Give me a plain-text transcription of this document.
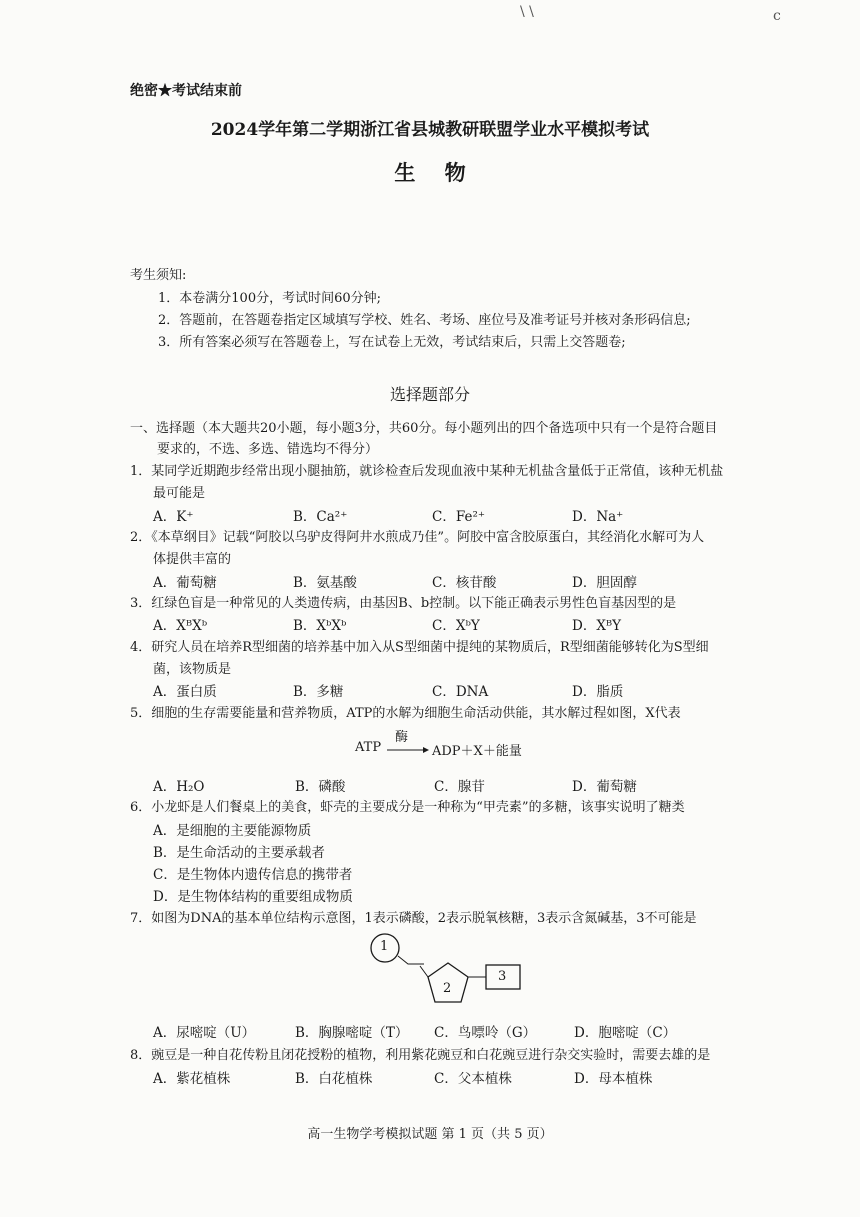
\ \	c
绝密★考试结束前
2024学年第二学期浙江省县城教研联盟学业水平模拟考试
生    物
考生须知:
1．本卷满分100分，考试时间60分钟;
2．答题前，在答题卷指定区域填写学校、姓名、考场、座位号及准考证号并核对条形码信息;
3．所有答案必须写在答题卷上，写在试卷上无效，考试结束后，只需上交答题卷;
选择题部分
一、选择题（本大题共20小题，每小题3分，共60分。每小题列出的四个备选项中只有一个是符合题目
要求的，不选、多选、错选均不得分）
1．某同学近期跑步经常出现小腿抽筋，就诊检查后发现血液中某种无机盐含量低于正常值，该种无机盐
最可能是
A．K⁺	B．Ca²⁺	C．Fe²⁺	D．Na⁺
2．《本草纲目》记载“阿胶以乌驴皮得阿井水煎成乃佳”。阿胶中富含胶原蛋白，其经消化水解可为人
体提供丰富的
A．葡萄糖	B．氨基酸	C．核苷酸	D．胆固醇
3．红绿色盲是一种常见的人类遗传病，由基因B、b控制。以下能正确表示男性色盲基因型的是
A．XᴮXᵇ	B．XᵇXᵇ	C．XᵇY	D．XᴮY
4．研究人员在培养R型细菌的培养基中加入从S型细菌中提纯的某物质后，R型细菌能够转化为S型细
菌，该物质是
A．蛋白质	B．多糖	C．DNA	D．脂质
5．细胞的生存需要能量和营养物质，ATP的水解为细胞生命活动供能，其水解过程如图，X代表
ATP
酶
→ ADP＋X＋能量
A．H₂O	B．磷酸	C．腺苷	D．葡萄糖
6．小龙虾是人们餐桌上的美食，虾壳的主要成分是一种称为“甲壳素”的多糖，该事实说明了糖类
A．是细胞的主要能源物质
B．是生命活动的主要承载者
C．是生物体内遗传信息的携带者
D．是生物体结构的重要组成物质
7．如图为DNA的基本单位结构示意图，1表示磷酸，2表示脱氧核糖，3表示含氮碱基，3不可能是
1
2
3
A．尿嘧啶（U）	B．胸腺嘧啶（T） C．鸟嘌呤（G）	D．胞嘧啶（C）
8．豌豆是一种自花传粉且闭花授粉的植物，利用紫花豌豆和白花豌豆进行杂交实验时，需要去雄的是
A．紫花植株	B．白花植株	C．父本植株	D．母本植株
高一生物学考模拟试题 第 1 页（共 5 页）
